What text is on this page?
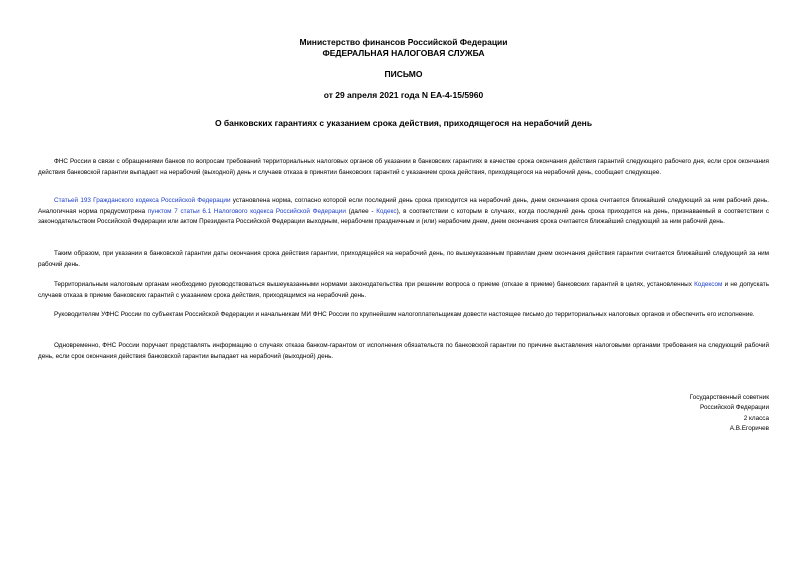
Министерство финансов Российской Федерации
ФЕДЕРАЛЬНАЯ НАЛОГОВАЯ СЛУЖБА
ПИСЬМО
от 29 апреля 2021 года N ЕА-4-15/5960
О банковских гарантиях с указанием срока действия, приходящегося на нерабочий день
ФНС России в связи с обращениями банков по вопросам требований территориальных налоговых органов об указании в банковских гарантиях в качестве срока окончания действия гарантий следующего рабочего дня, если срок окончания действия банковской гарантии выпадает на нерабочий (выходной) день и случаев отказа в принятии банковских гарантий с указанием срока действия, приходящегося на нерабочий день, сообщает следующее.
Статьей 193 Гражданского кодекса Российской Федерации установлена норма, согласно которой если последний день срока приходится на нерабочий день, днем окончания срока считается ближайший следующий за ним рабочий день. Аналогичная норма предусмотрена пунктом 7 статьи 6.1 Налогового кодекса Российской Федерации (далее - Кодекс), в соответствии с которым в случаях, когда последний день срока приходится на день, признаваемый в соответствии с законодательством Российской Федерации или актом Президента Российской Федерации выходным, нерабочим праздничным и (или) нерабочим днем, днем окончания срока считается ближайший следующий за ним рабочий день.
Таким образом, при указании в банковской гарантии даты окончания срока действия гарантии, приходящейся на нерабочий день, по вышеуказанным правилам днем окончания действия гарантии считается ближайший следующий за ним рабочий день.
Территориальным налоговым органам необходимо руководствоваться вышеуказанными нормами законодательства при решении вопроса о приеме (отказе в приеме) банковских гарантий в целях, установленных Кодексом и не допускать случаев отказа в приеме банковских гарантий с указанием срока действия, приходящимся на нерабочий день.
Руководителям УФНС России по субъектам Российской Федерации и начальникам МИ ФНС России по крупнейшим налогоплательщикам довести настоящее письмо до территориальных налоговых органов и обеспечить его исполнение.
Одновременно, ФНС России поручает представлять информацию о случаях отказа банком-гарантом от исполнения обязательств по банковской гарантии по причине выставления налоговыми органами требования на следующий рабочий день, если срок окончания действия банковской гарантии выпадает на нерабочий (выходной) день.
Государственный советник
Российской Федерации
2 класса
А.В.Егоричев
